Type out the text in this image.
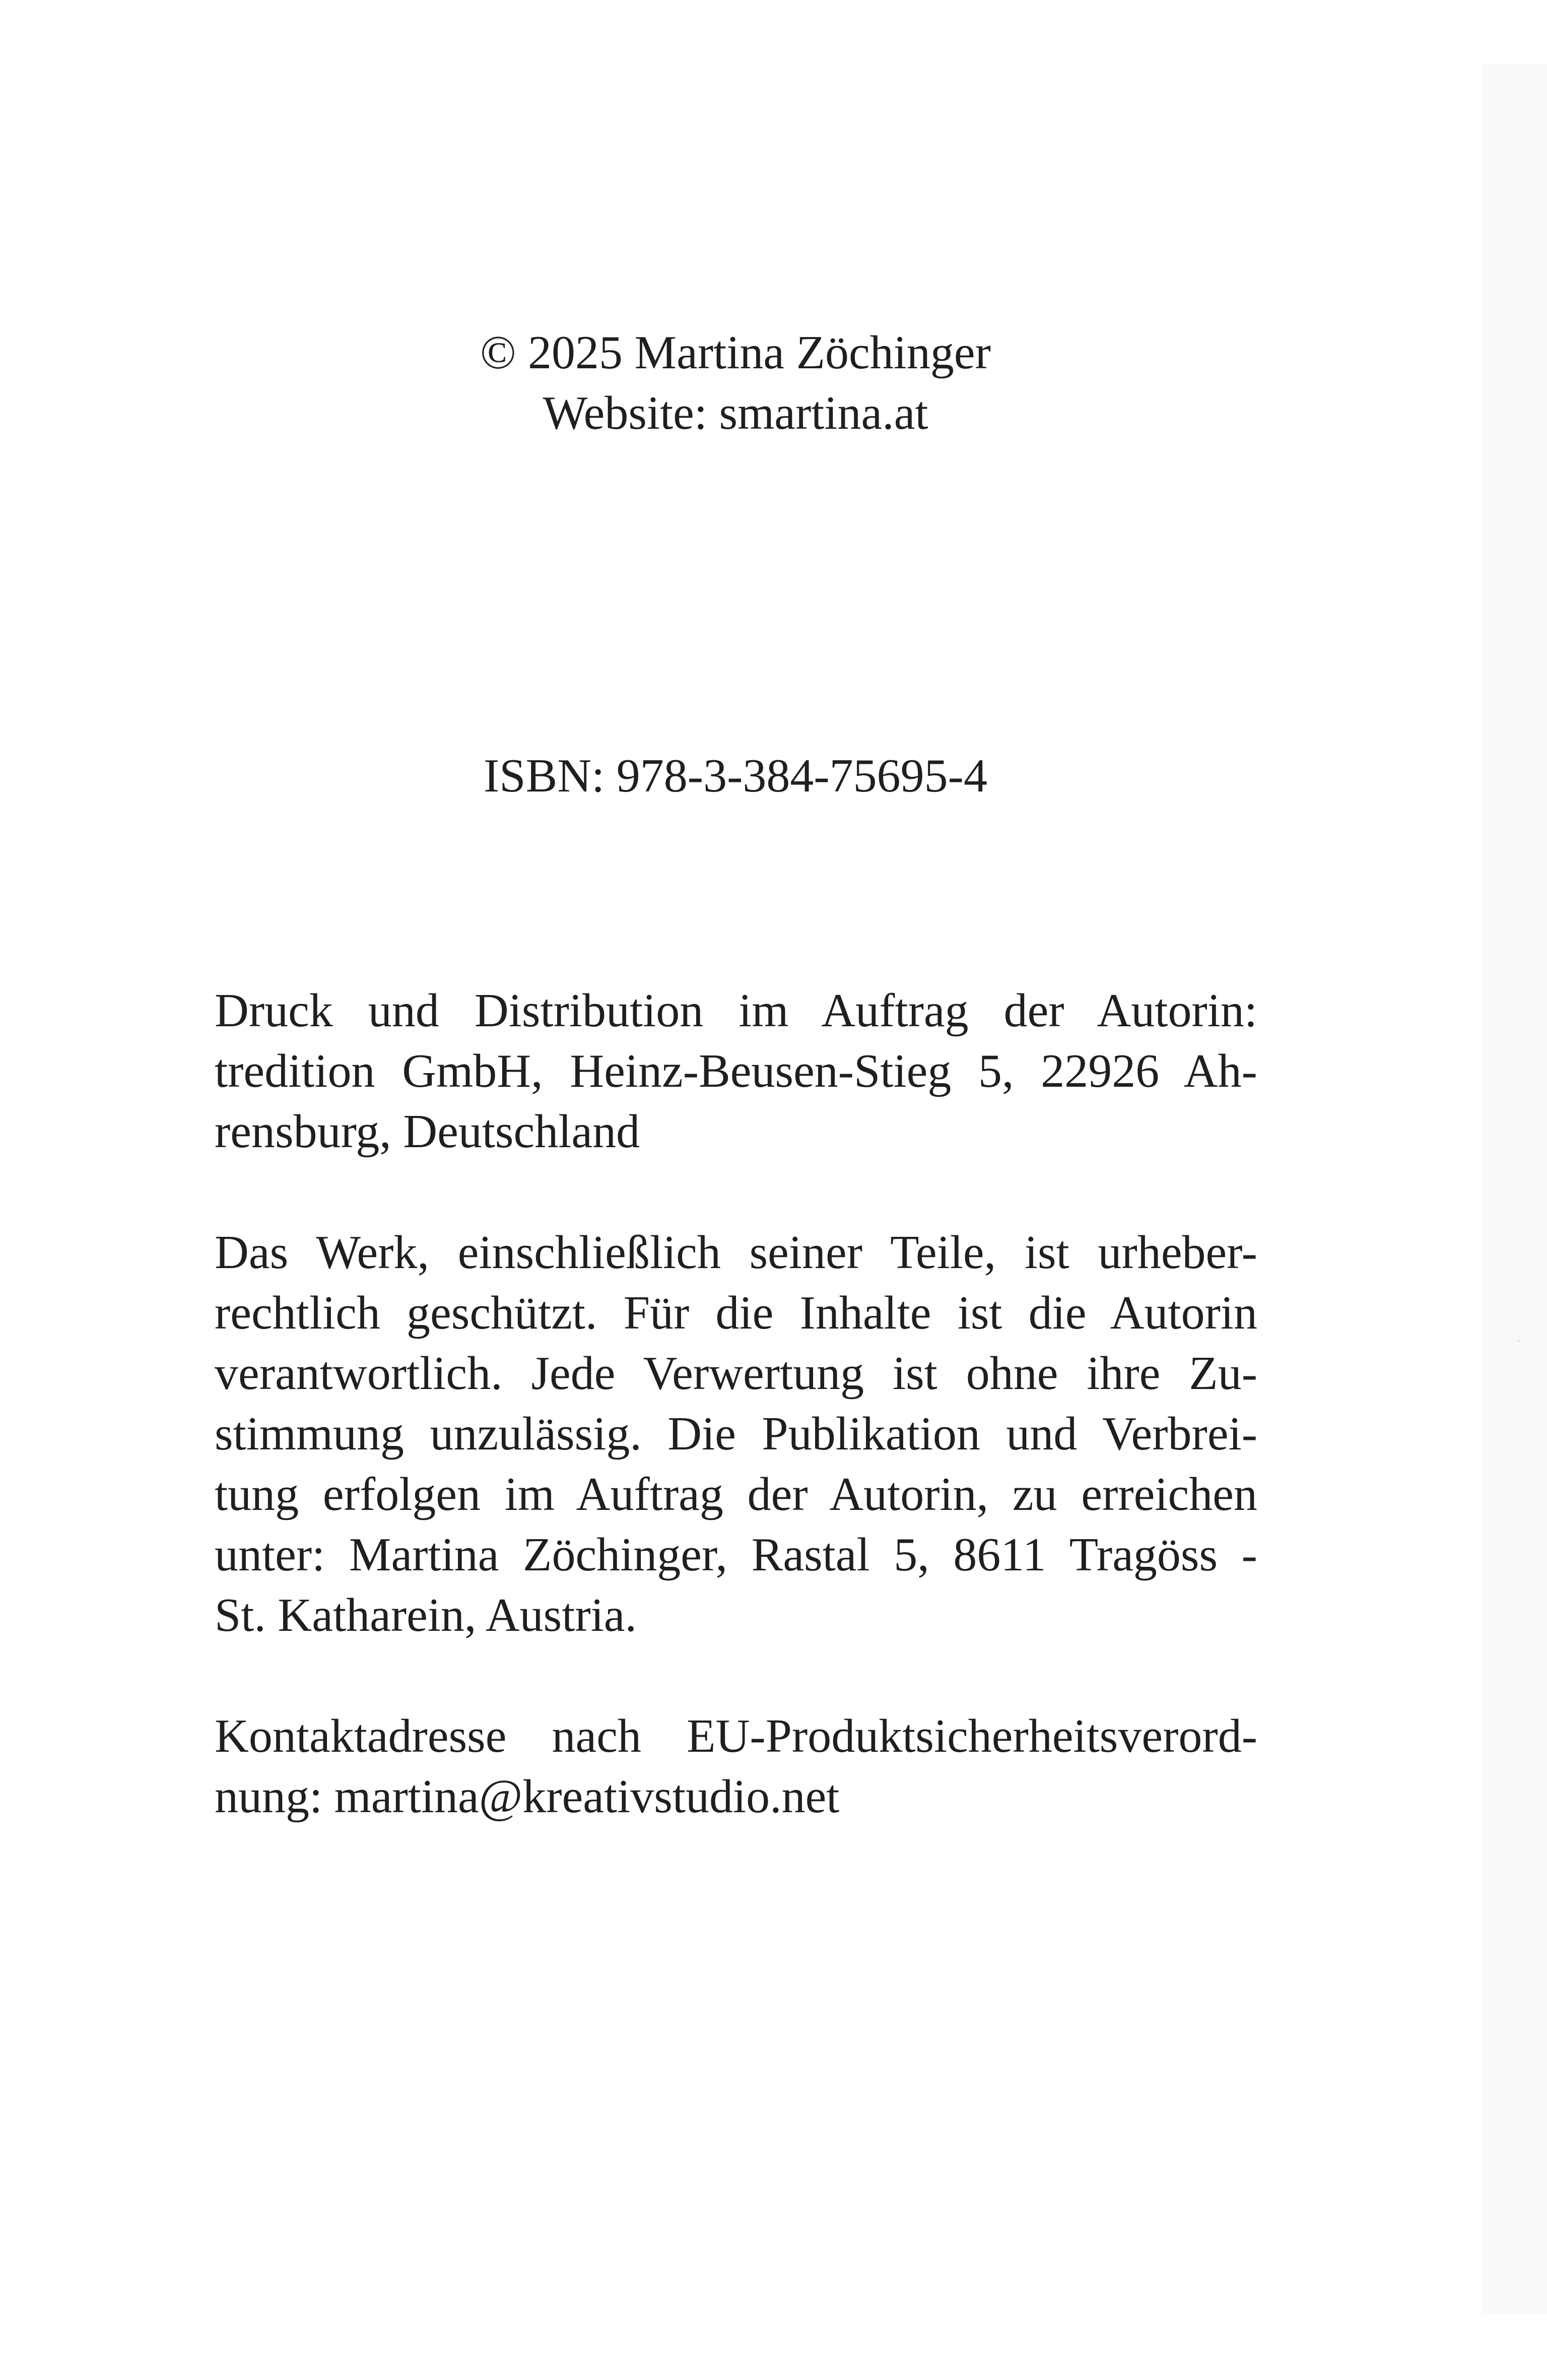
© 2025 Martina Zöchinger
Website: smartina.at
ISBN: 978-3-384-75695-4
Druck und Distribution im Auftrag der Autorin:
tredition GmbH, Heinz-Beusen-Stieg 5, 22926 Ah-
rensburg, Deutschland
Das Werk, einschließlich seiner Teile, ist urheber-
rechtlich geschützt. Für die Inhalte ist die Autorin
verantwortlich. Jede Verwertung ist ohne ihre Zu-
stimmung unzulässig. Die Publikation und Verbrei-
tung erfolgen im Auftrag der Autorin, zu erreichen
unter: Martina Zöchinger, Rastal 5, 8611 Tragöss -
St. Katharein, Austria.
Kontaktadresse nach EU-Produktsicherheitsverord-
nung: martina@kreativstudio.net
